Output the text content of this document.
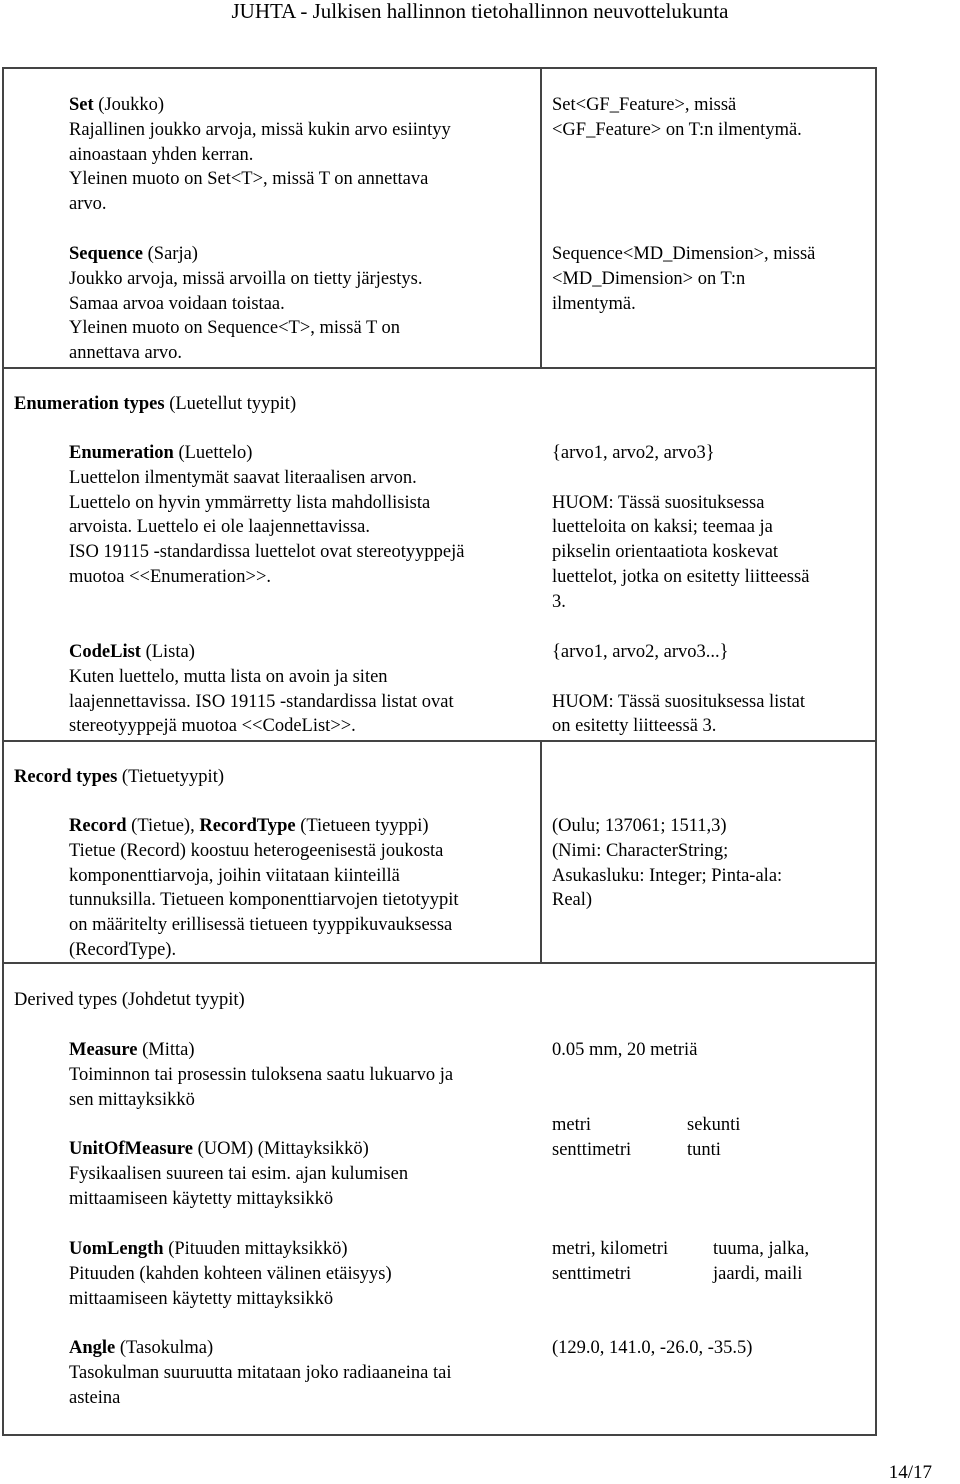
JUHTA - Julkisen hallinnon tietohallinnon neuvottelukunta
Set (Joukko)
Rajallinen joukko arvoja, missä kukin arvo esiintyy
ainoastaan yhden kerran.
Yleinen muoto on Set<T>, missä T on annettava
arvo.
Set<GF_Feature>, missä
<GF_Feature> on T:n ilmentymä.
Sequence (Sarja)
Joukko arvoja, missä arvoilla on tietty järjestys.
Samaa arvoa voidaan toistaa.
Yleinen muoto on Sequence<T>, missä T on
annettava arvo.
Sequence<MD_Dimension>, missä
<MD_Dimension> on T:n
ilmentymä.
Enumeration types (Luetellut tyypit)
Enumeration (Luettelo)
Luettelon ilmentymät saavat literaalisen arvon.
Luettelo on hyvin ymmärretty lista mahdollisista
arvoista. Luettelo ei ole laajennettavissa.
ISO 19115 -standardissa luettelot ovat stereotyyppejä
muotoa <<Enumeration>>.
{arvo1, arvo2, arvo3}
HUOM: Tässä suosituksessa
luetteloita on kaksi; teemaa ja
pikselin orientaatiota koskevat
luettelot, jotka on esitetty liitteessä
3.
CodeList (Lista)
Kuten luettelo, mutta lista on avoin ja siten
laajennettavissa. ISO 19115 -standardissa listat ovat
stereotyyppejä muotoa <<CodeList>>.
{arvo1, arvo2, arvo3...}
HUOM: Tässä suosituksessa listat
on esitetty liitteessä 3.
Record types (Tietuetyypit)
Record (Tietue), RecordType (Tietueen tyyppi)
Tietue (Record) koostuu heterogeenisestä joukosta
komponenttiarvoja, joihin viitataan kiinteillä
tunnuksilla. Tietueen komponenttiarvojen tietotyypit
on määritelty erillisessä tietueen tyyppikuvauksessa
(RecordType).
(Oulu; 137061; 1511,3)
(Nimi: CharacterString;
Asukasluku: Integer; Pinta-ala:
Real)
Derived types (Johdetut tyypit)
Measure (Mitta)
Toiminnon tai prosessin tuloksena saatu lukuarvo ja
sen mittayksikkö
0.05 mm, 20 metriä
UnitOfMeasure (UOM) (Mittayksikkö)
Fysikaalisen suureen tai esim. ajan kulumisen
mittaamiseen käytetty mittayksikkö
metri
senttimetri
sekunti
tunti
UomLength (Pituuden mittayksikkö)
Pituuden (kahden kohteen välinen etäisyys)
mittaamiseen käytetty mittayksikkö
metri, kilometri
senttimetri
tuuma, jalka,
jaardi, maili
Angle (Tasokulma)
Tasokulman suuruutta mitataan joko radiaaneina tai
asteina
(129.0, 141.0, -26.0, -35.5)
14/17
